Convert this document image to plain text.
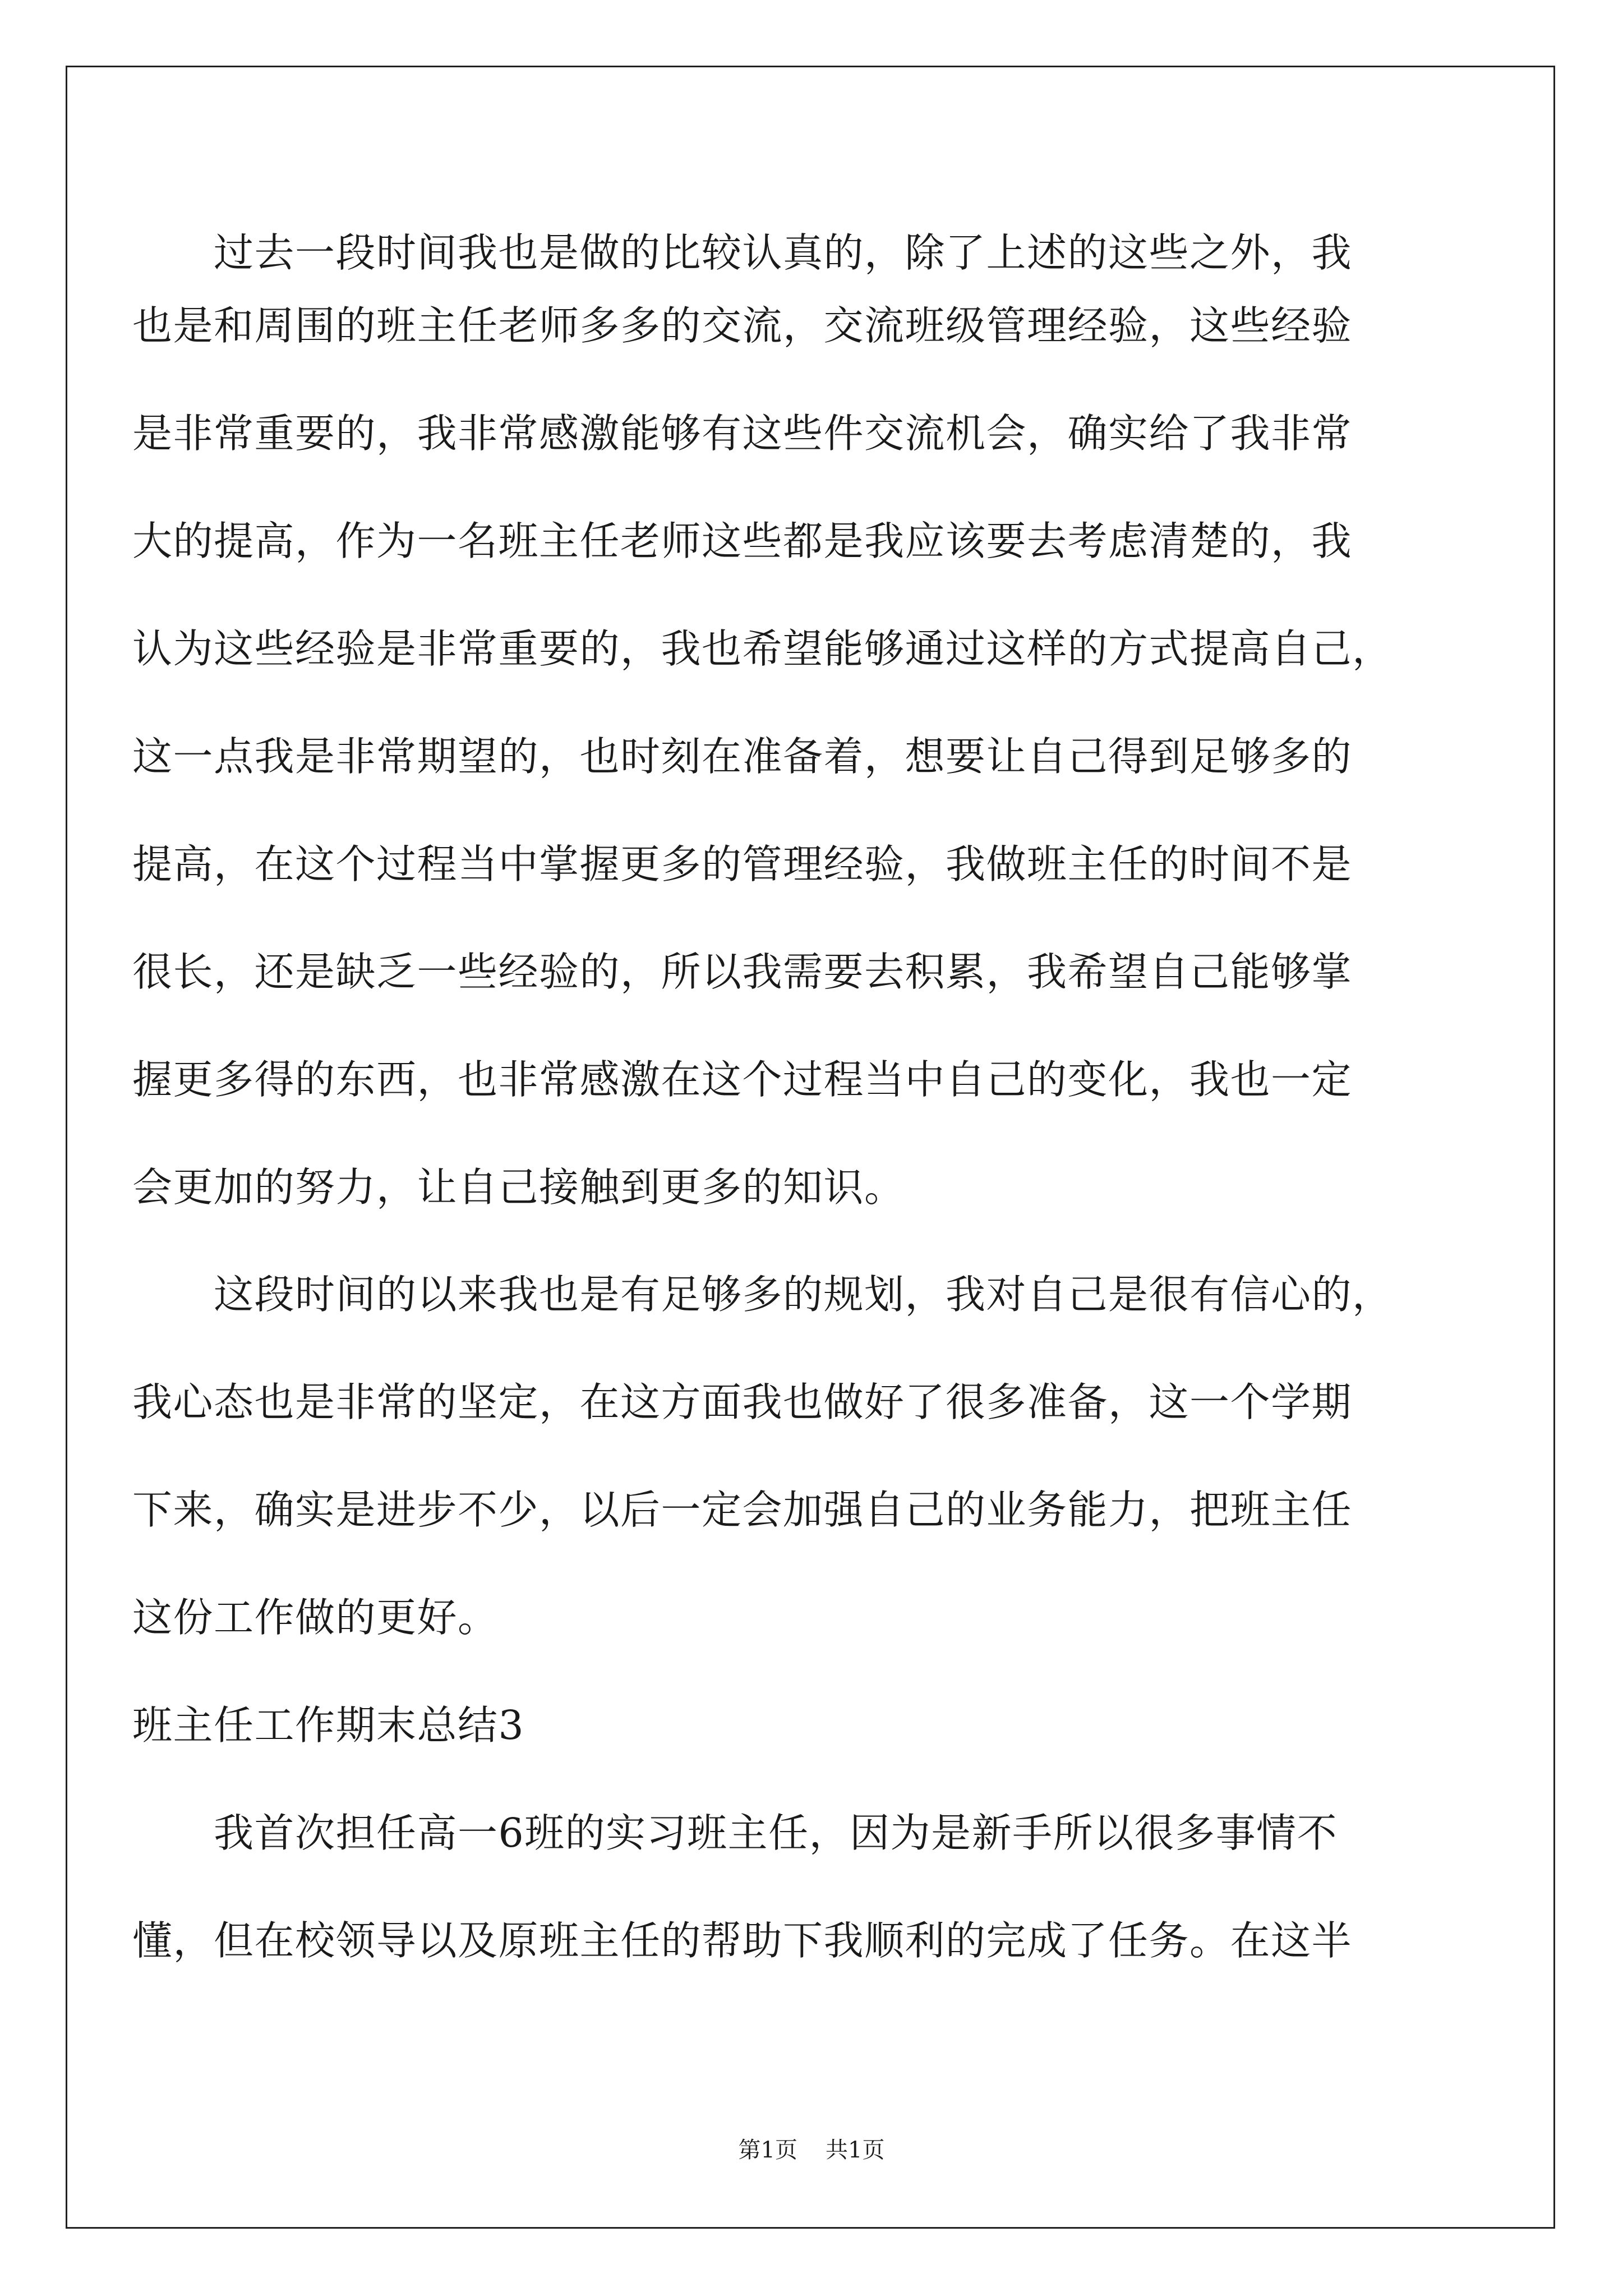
过去一段时间我也是做的比较认真的，除了上述的这些之外，我
也是和周围的班主任老师多多的交流，交流班级管理经验，这些经验
是非常重要的，我非常感激能够有这些件交流机会，确实给了我非常
大的提高，作为一名班主任老师这些都是我应该要去考虑清楚的，我
认为这些经验是非常重要的，我也希望能够通过这样的方式提高自己，
这一点我是非常期望的，也时刻在准备着，想要让自己得到足够多的
提高，在这个过程当中掌握更多的管理经验，我做班主任的时间不是
很长，还是缺乏一些经验的，所以我需要去积累，我希望自己能够掌
握更多得的东西，也非常感激在这个过程当中自己的变化，我也一定
会更加的努力，让自己接触到更多的知识。
这段时间的以来我也是有足够多的规划，我对自己是很有信心的，
我心态也是非常的坚定，在这方面我也做好了很多准备，这一个学期
下来，确实是进步不少，以后一定会加强自己的业务能力，把班主任
这份工作做的更好。
班主任工作期末总结3
我首次担任高一6班的实习班主任，因为是新手所以很多事情不
懂，但在校领导以及原班主任的帮助下我顺利的完成了任务。在这半
第1页 共1页
